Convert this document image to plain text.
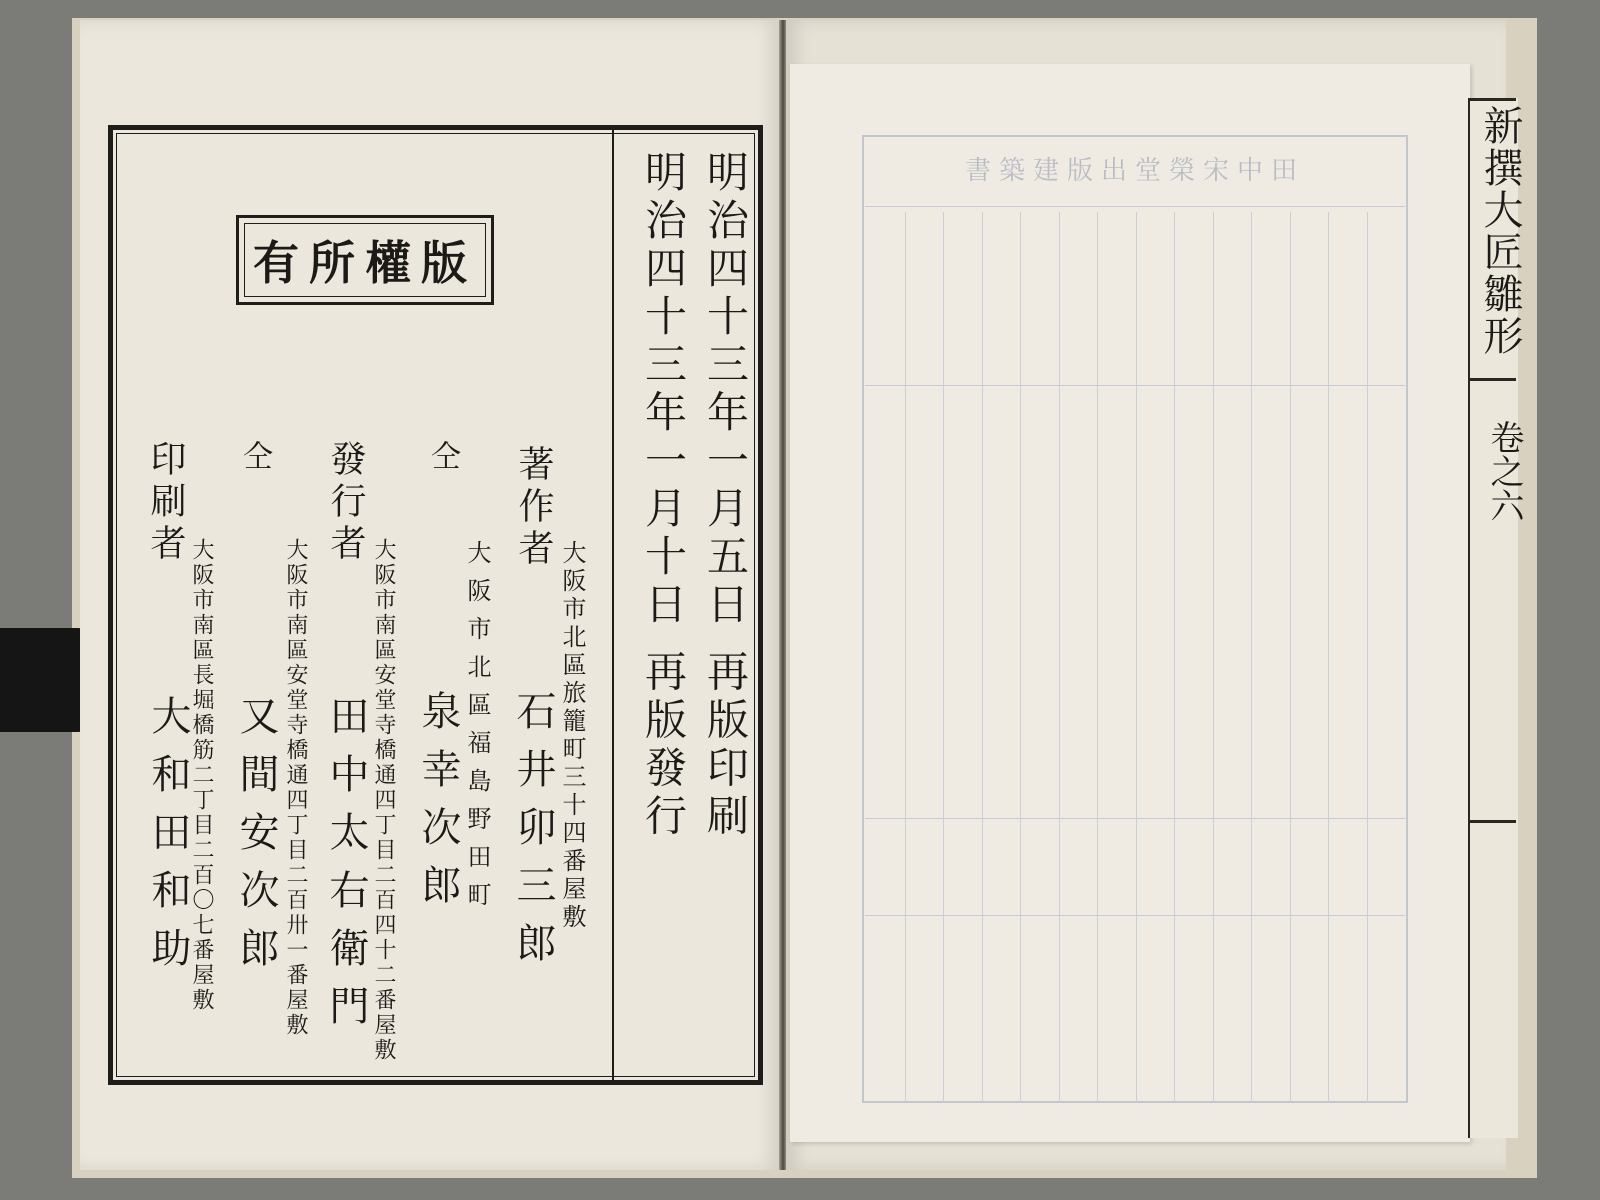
版權所有	明治四十三年一月五日 再版印刷
明治四十三年一月十日 再版發行
著作者
大阪市北區旅籠町三十四番屋敷
石井卯三郎
仝
大阪市北區福島野田町
泉幸次郎
發行者
大阪市南區安堂寺橋通四丁目二百四十二番屋敷
田中太右衛門
仝
大阪市南區安堂寺橋通四丁目二百卅一番屋敷
又間安次郎
印刷者
大阪市南區長堀橋筋二丁目二百〇七番屋敷
大和田和助
田中宋榮堂出版建築書	新撰大匠雛形
卷之六
